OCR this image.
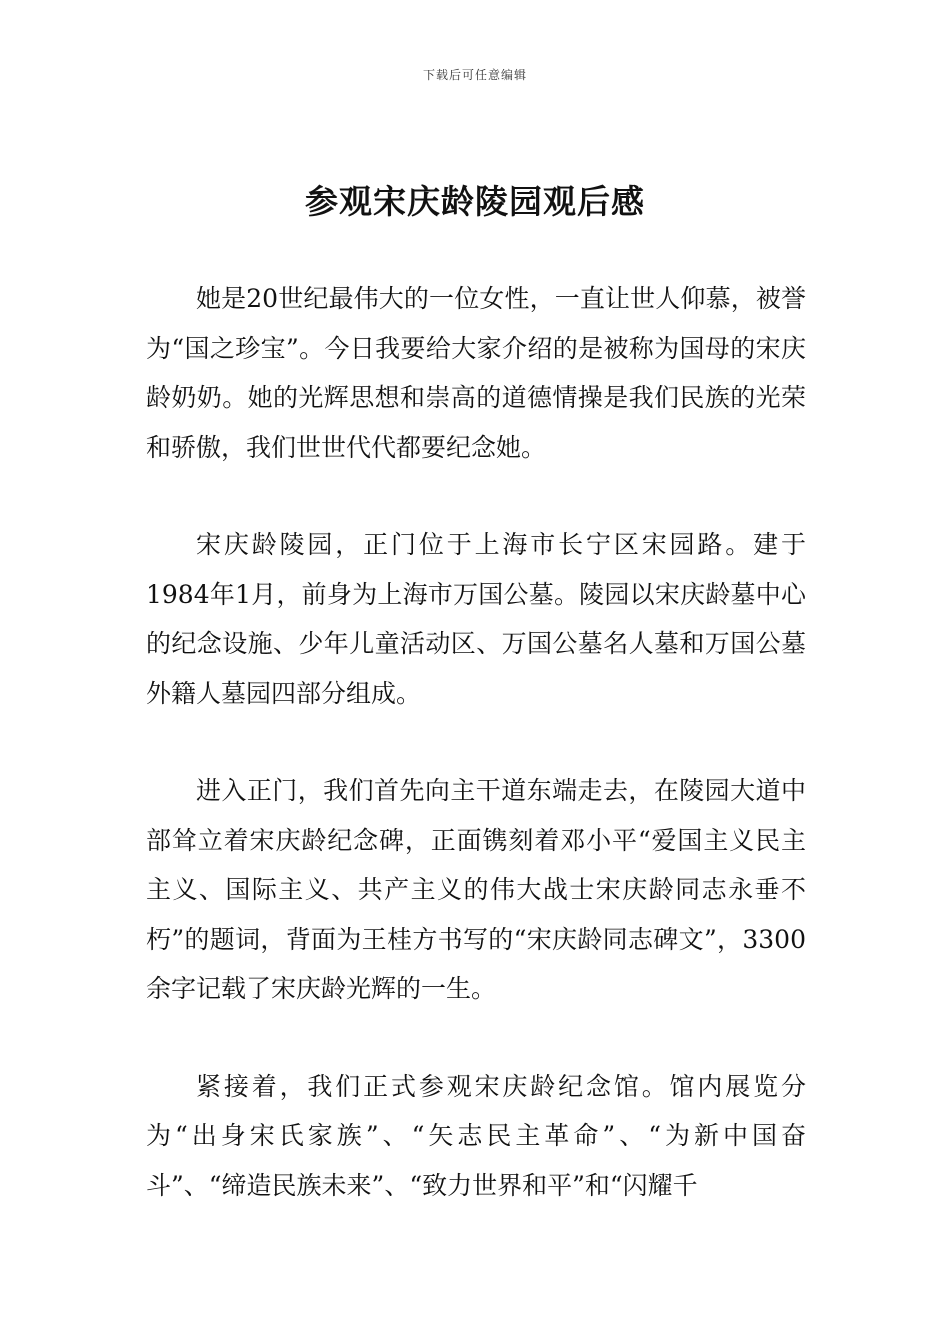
下载后可任意编辑
参观宋庆龄陵园观后感

她是20世纪最伟大的一位女性，一直让世人仰慕，被誉为“国之珍宝”。今日我要给大家介绍的是被称为国母的宋庆龄奶奶。她的光辉思想和崇高的道德情操是我们民族的光荣和骄傲，我们世世代代都要纪念她。

宋庆龄陵园，正门位于上海市长宁区宋园路。建于1984年1月，前身为上海市万国公墓。陵园以宋庆龄墓中心的纪念设施、少年儿童活动区、万国公墓名人墓和万国公墓外籍人墓园四部分组成。

进入正门，我们首先向主干道东端走去，在陵园大道中部耸立着宋庆龄纪念碑，正面镌刻着邓小平“爱国主义民主主义、国际主义、共产主义的伟大战士宋庆龄同志永垂不朽”的题词，背面为王桂方书写的“宋庆龄同志碑文”，3300余字记载了宋庆龄光辉的一生。

紧接着，我们正式参观宋庆龄纪念馆。馆内展览分为“出身宋氏家族”、“矢志民主革命”、“为新中国奋斗”、“缔造民族未来”、“致力世界和平”和“闪耀千
